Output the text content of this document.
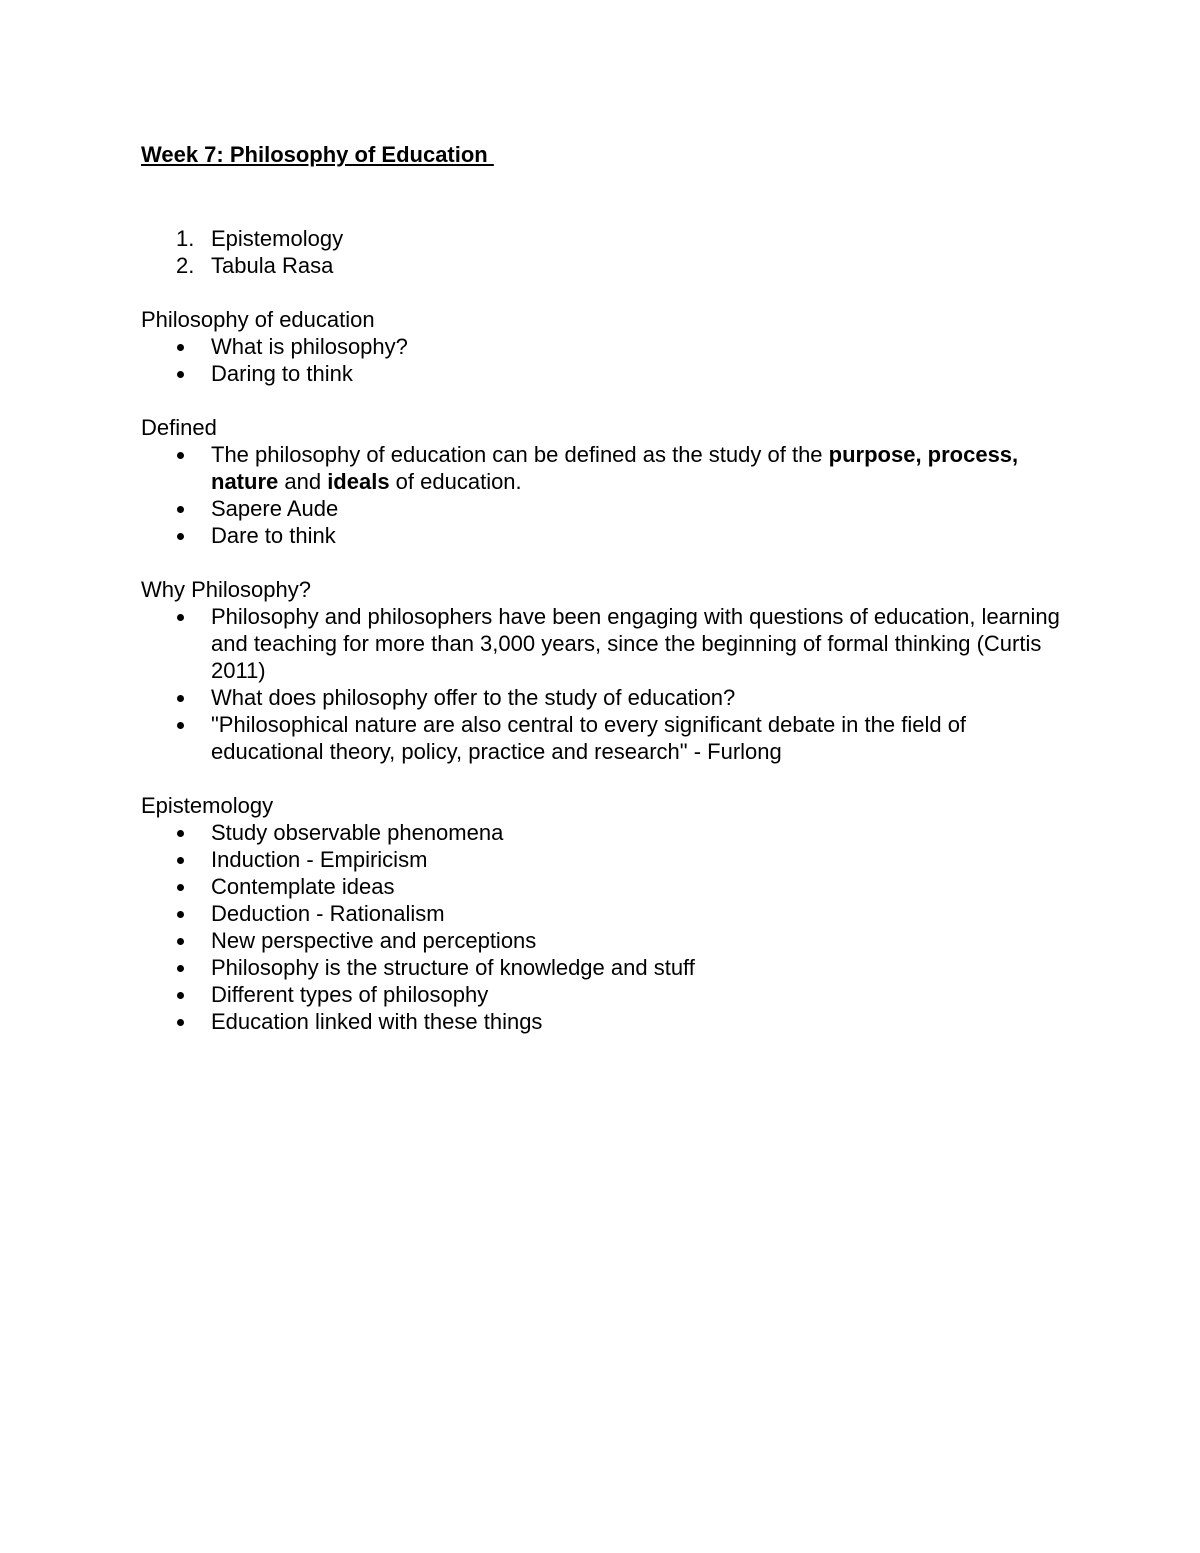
Week 7: Philosophy of Education

1. Epistemology
2. Tabula Rasa

Philosophy of education

What is philosophy?
Daring to think

Defined

The philosophy of education can be defined as the study of the purpose, process, nature and ideals of education.
Sapere Aude
Dare to think

Why Philosophy?

Philosophy and philosophers have been engaging with questions of education, learning and teaching for more than 3,000 years, since the beginning of formal thinking (Curtis 2011)
What does philosophy offer to the study of education?
"Philosophical nature are also central to every significant debate in the field of educational theory, policy, practice and research" - Furlong

Epistemology

Study observable phenomena
Induction - Empiricism
Contemplate ideas
Deduction - Rationalism
New perspective and perceptions
Philosophy is the structure of knowledge and stuff
Different types of philosophy
Education linked with these things
